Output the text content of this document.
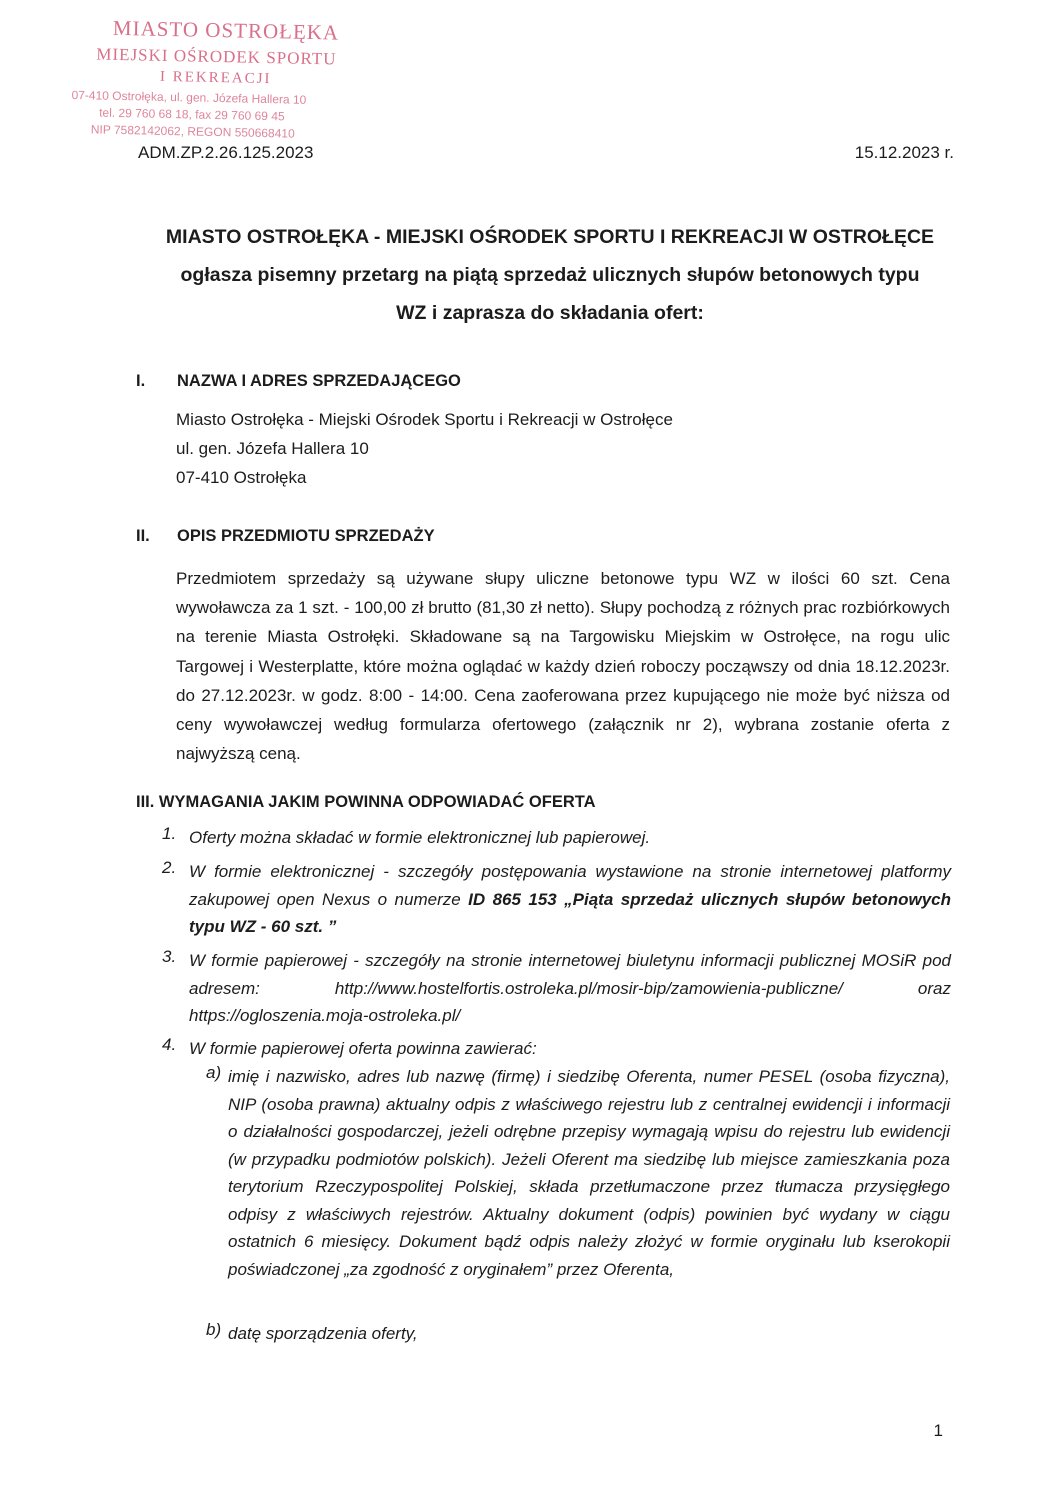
MIASTO OSTROŁĘKA
MIEJSKI OŚRODEK SPORTU
I REKREACJI
07-410 Ostrołęka, ul. gen. Józefa Hallera 10
tel. 29 760 68 18, fax 29 760 69 45
NIP 7582142062, REGON 550668410
ADM.ZP.2.26.125.2023	15.12.2023 r.
MIASTO OSTROŁĘKA - MIEJSKI OŚRODEK SPORTU I REKREACJI W OSTROŁĘCE
ogłasza pisemny przetarg na piątą sprzedaż ulicznych słupów betonowych typu
WZ i zaprasza do składania ofert:
I. NAZWA I ADRES SPRZEDAJĄCEGO
Miasto Ostrołęka - Miejski Ośrodek Sportu i Rekreacji w Ostrołęce
ul. gen. Józefa Hallera 10
07-410 Ostrołęka
II. OPIS PRZEDMIOTU SPRZEDAŻY

Przedmiotem sprzedaży są używane słupy uliczne betonowe typu WZ w ilości 60 szt. Cena wywoławcza za 1 szt. - 100,00 zł brutto (81,30 zł netto). Słupy pochodzą z różnych prac rozbiórkowych na terenie Miasta Ostrołęki. Składowane są na Targowisku Miejskim w Ostrołęce, na rogu ulic Targowej i Westerplatte, które można oglądać w każdy dzień roboczy począwszy od dnia 18.12.2023r. do 27.12.2023r. w godz. 8:00 - 14:00. Cena zaoferowana przez kupującego nie może być niższa od ceny wywoławczej według formularza ofertowego (załącznik nr 2), wybrana zostanie oferta z najwyższą ceną.

III. WYMAGANIA JAKIM POWINNA ODPOWIADAĆ OFERTA
1. Oferty można składać w formie elektronicznej lub papierowej.

2. W formie elektronicznej - szczegóły postępowania wystawione na stronie internetowej platformy zakupowej open Nexus o numerze ID 865 153 „Piąta sprzedaż ulicznych słupów betonowych typu WZ - 60 szt. ”

3. W formie papierowej - szczegóły na stronie internetowej biuletynu informacji publicznej MOSiR pod adresem: http://www.hostelfortis.ostroleka.pl/mosir-bip/zamowienia-publiczne/ oraz https://ogloszenia.moja-ostroleka.pl/

4. W formie papierowej oferta powinna zawierać:

a) imię i nazwisko, adres lub nazwę (firmę) i siedzibę Oferenta, numer PESEL (osoba fizyczna), NIP (osoba prawna) aktualny odpis z właściwego rejestru lub z centralnej ewidencji i informacji o działalności gospodarczej, jeżeli odrębne przepisy wymagają wpisu do rejestru lub ewidencji (w przypadku podmiotów polskich). Jeżeli Oferent ma siedzibę lub miejsce zamieszkania poza terytorium Rzeczypospolitej Polskiej, składa przetłumaczone przez tłumacza przysięgłego odpisy z właściwych rejestrów. Aktualny dokument (odpis) powinien być wydany w ciągu ostatnich 6 miesięcy. Dokument bądź odpis należy złożyć w formie oryginału lub kserokopii poświadczonej „za zgodność z oryginałem” przez Oferenta,

b) datę sporządzenia oferty,

1
